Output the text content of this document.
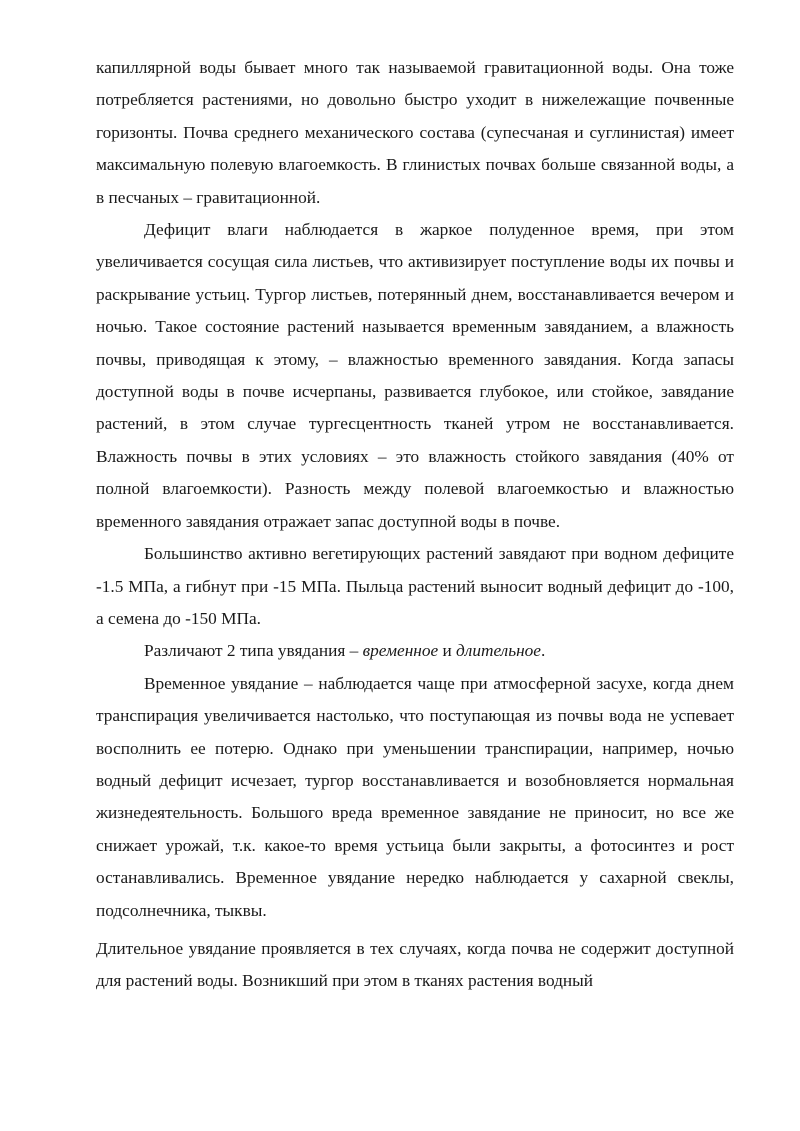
капиллярной воды бывает много так называемой гравитационной воды. Она тоже потребляется растениями, но довольно быстро уходит в нижележащие почвенные горизонты. Почва среднего механического состава (супесчаная и суглинистая) имеет максимальную полевую влагоемкость. В глинистых почвах больше связанной воды, а в песчаных – гравитационной.

Дефицит влаги наблюдается в жаркое полуденное время, при этом увеличивается сосущая сила листьев, что активизирует поступление воды их почвы и раскрывание устьиц. Тургор листьев, потерянный днем, восстанавливается вечером и ночью. Такое состояние растений называется временным завяданием, а влажность почвы, приводящая к этому, – влажностью временного завядания. Когда запасы доступной воды в почве исчерпаны, развивается глубокое, или стойкое, завядание растений, в этом случае тургесцентность тканей утром не восстанавливается. Влажность почвы в этих условиях – это влажность стойкого завядания (40% от полной влагоемкости). Разность между полевой влагоемкостью и влажностью временного завядания отражает запас доступной воды в почве.

Большинство активно вегетирующих растений завядают при водном дефиците -1.5 МПа, а гибнут при -15 МПа. Пыльца растений выносит водный дефицит до -100, а семена до -150 МПа.

Различают 2 типа увядания – временное и длительное.

Временное увядание – наблюдается чаще при атмосферной засухе, когда днем транспирация увеличивается настолько, что поступающая из почвы вода не успевает восполнить ее потерю. Однако при уменьшении транспирации, например, ночью водный дефицит исчезает, тургор восстанавливается и возобновляется нормальная жизнедеятельность. Большого вреда временное завядание не приносит, но все же снижает урожай, т.к. какое-то время устьица были закрыты, а фотосинтез и рост останавливались. Временное увядание нередко наблюдается у сахарной свеклы, подсолнечника, тыквы.

Длительное увядание проявляется в тех случаях, когда почва не содержит доступной для растений воды. Возникший при этом в тканях растения водный
